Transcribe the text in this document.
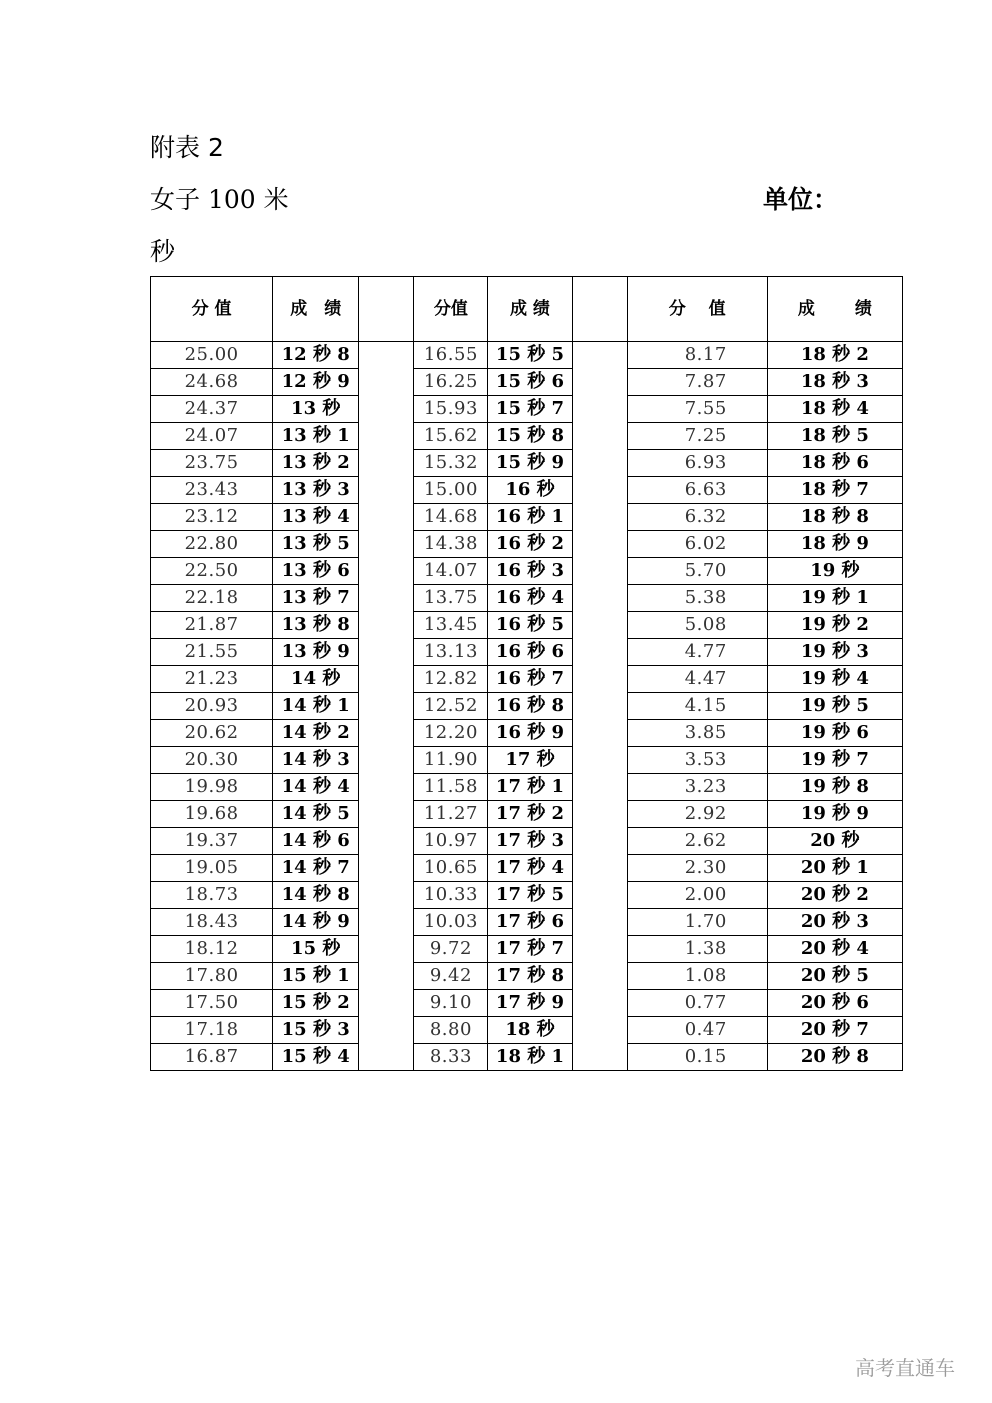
附表 2
女子 100 米	单位：
秒
分 值	成　绩		分值	成 绩		分　 值	成　　 绩
25.00	12 秒 8		16.55	15 秒 5		8.17	18 秒 2
24.68	12 秒 9		16.25	15 秒 6		7.87	18 秒 3
24.37	13 秒		15.93	15 秒 7		7.55	18 秒 4
24.07	13 秒 1		15.62	15 秒 8		7.25	18 秒 5
23.75	13 秒 2		15.32	15 秒 9		6.93	18 秒 6
23.43	13 秒 3		15.00	16 秒		6.63	18 秒 7
23.12	13 秒 4		14.68	16 秒 1		6.32	18 秒 8
22.80	13 秒 5		14.38	16 秒 2		6.02	18 秒 9
22.50	13 秒 6		14.07	16 秒 3		5.70	19 秒
22.18	13 秒 7		13.75	16 秒 4		5.38	19 秒 1
21.87	13 秒 8		13.45	16 秒 5		5.08	19 秒 2
21.55	13 秒 9		13.13	16 秒 6		4.77	19 秒 3
21.23	14 秒		12.82	16 秒 7		4.47	19 秒 4
20.93	14 秒 1		12.52	16 秒 8		4.15	19 秒 5
20.62	14 秒 2		12.20	16 秒 9		3.85	19 秒 6
20.30	14 秒 3		11.90	17 秒		3.53	19 秒 7
19.98	14 秒 4		11.58	17 秒 1		3.23	19 秒 8
19.68	14 秒 5		11.27	17 秒 2		2.92	19 秒 9
19.37	14 秒 6		10.97	17 秒 3		2.62	20 秒
19.05	14 秒 7		10.65	17 秒 4		2.30	20 秒 1
18.73	14 秒 8		10.33	17 秒 5		2.00	20 秒 2
18.43	14 秒 9		10.03	17 秒 6		1.70	20 秒 3
18.12	15 秒		9.72	17 秒 7		1.38	20 秒 4
17.80	15 秒 1		9.42	17 秒 8		1.08	20 秒 5
17.50	15 秒 2		9.10	17 秒 9		0.77	20 秒 6
17.18	15 秒 3		8.80	18 秒		0.47	20 秒 7
16.87	15 秒 4		8.33	18 秒 1		0.15	20 秒 8
高考直通车
